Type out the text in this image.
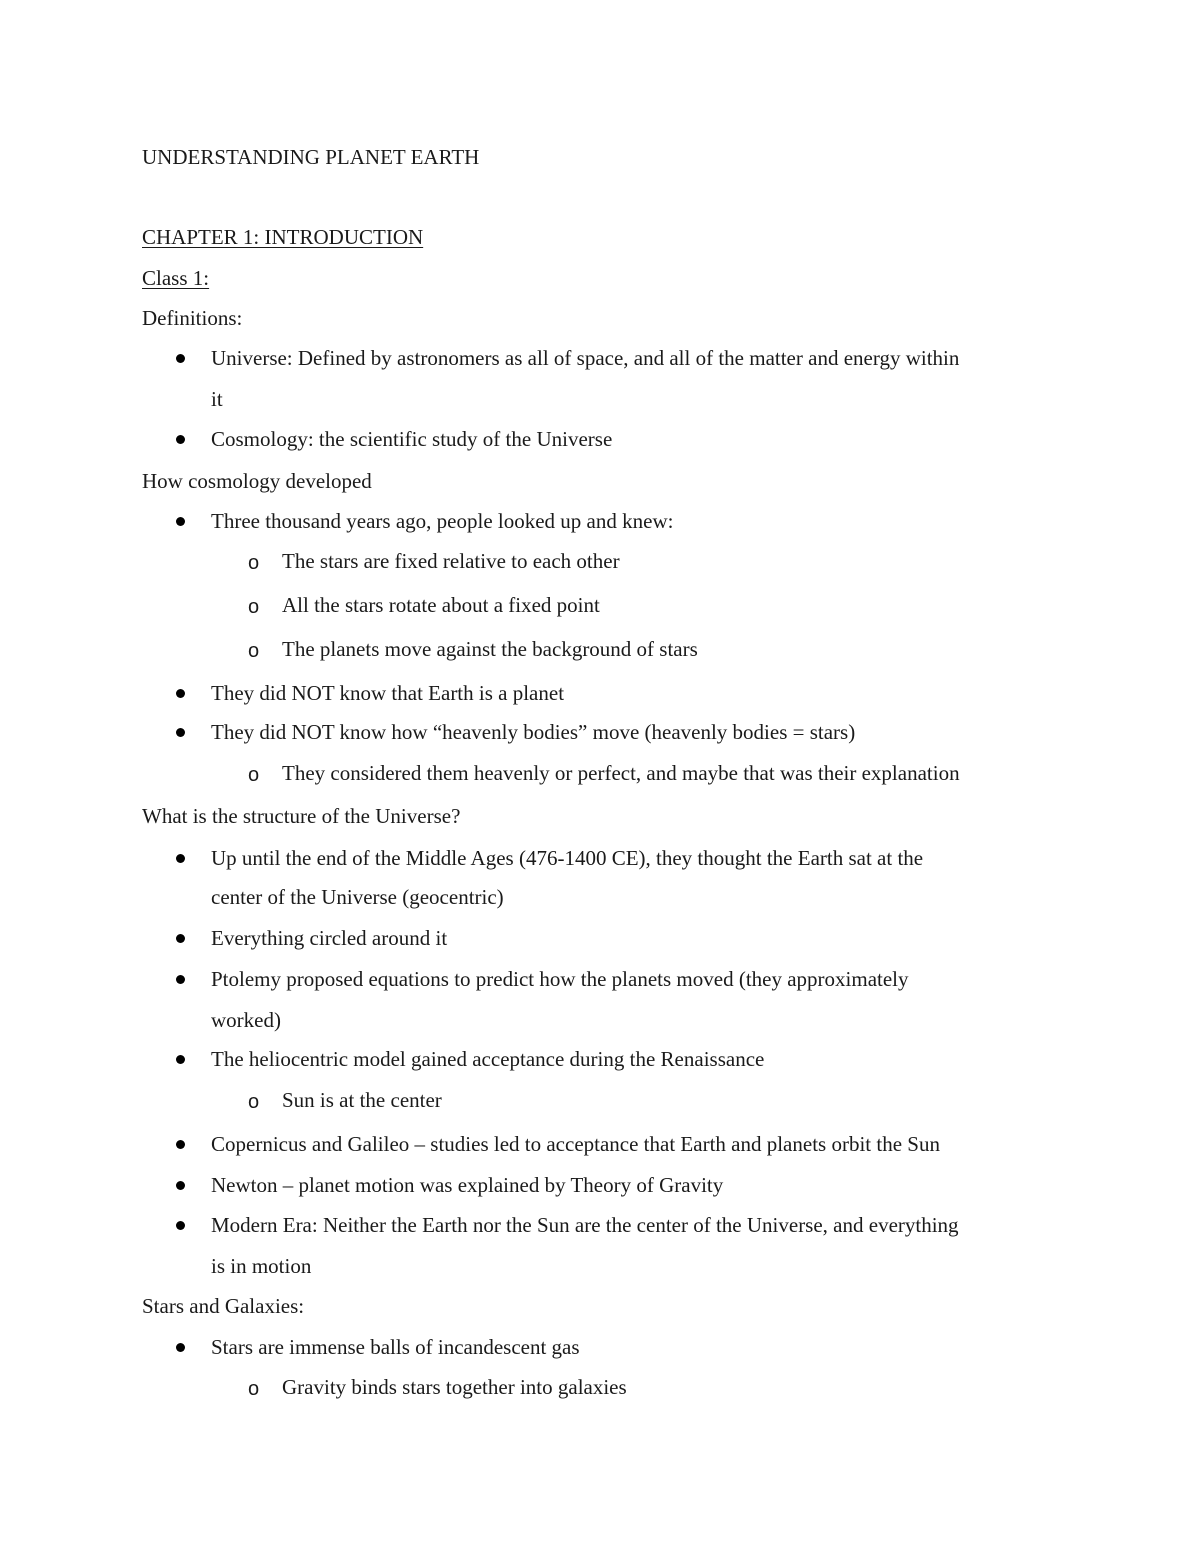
UNDERSTANDING PLANET EARTH
CHAPTER 1: INTRODUCTION
Class 1:
Definitions:
Universe: Defined by astronomers as all of space, and all of the matter and energy within
it
Cosmology: the scientific study of the Universe
How cosmology developed
Three thousand years ago, people looked up and knew:
o The stars are fixed relative to each other
o All the stars rotate about a fixed point
o The planets move against the background of stars
They did NOT know that Earth is a planet
They did NOT know how “heavenly bodies” move (heavenly bodies = stars)
o They considered them heavenly or perfect, and maybe that was their explanation
What is the structure of the Universe?
Up until the end of the Middle Ages (476-1400 CE), they thought the Earth sat at the
center of the Universe (geocentric)
Everything circled around it
Ptolemy proposed equations to predict how the planets moved (they approximately
worked)
The heliocentric model gained acceptance during the Renaissance
o Sun is at the center
Copernicus and Galileo – studies led to acceptance that Earth and planets orbit the Sun
Newton – planet motion was explained by Theory of Gravity
Modern Era: Neither the Earth nor the Sun are the center of the Universe, and everything
is in motion
Stars and Galaxies:
Stars are immense balls of incandescent gas
o Gravity binds stars together into galaxies
